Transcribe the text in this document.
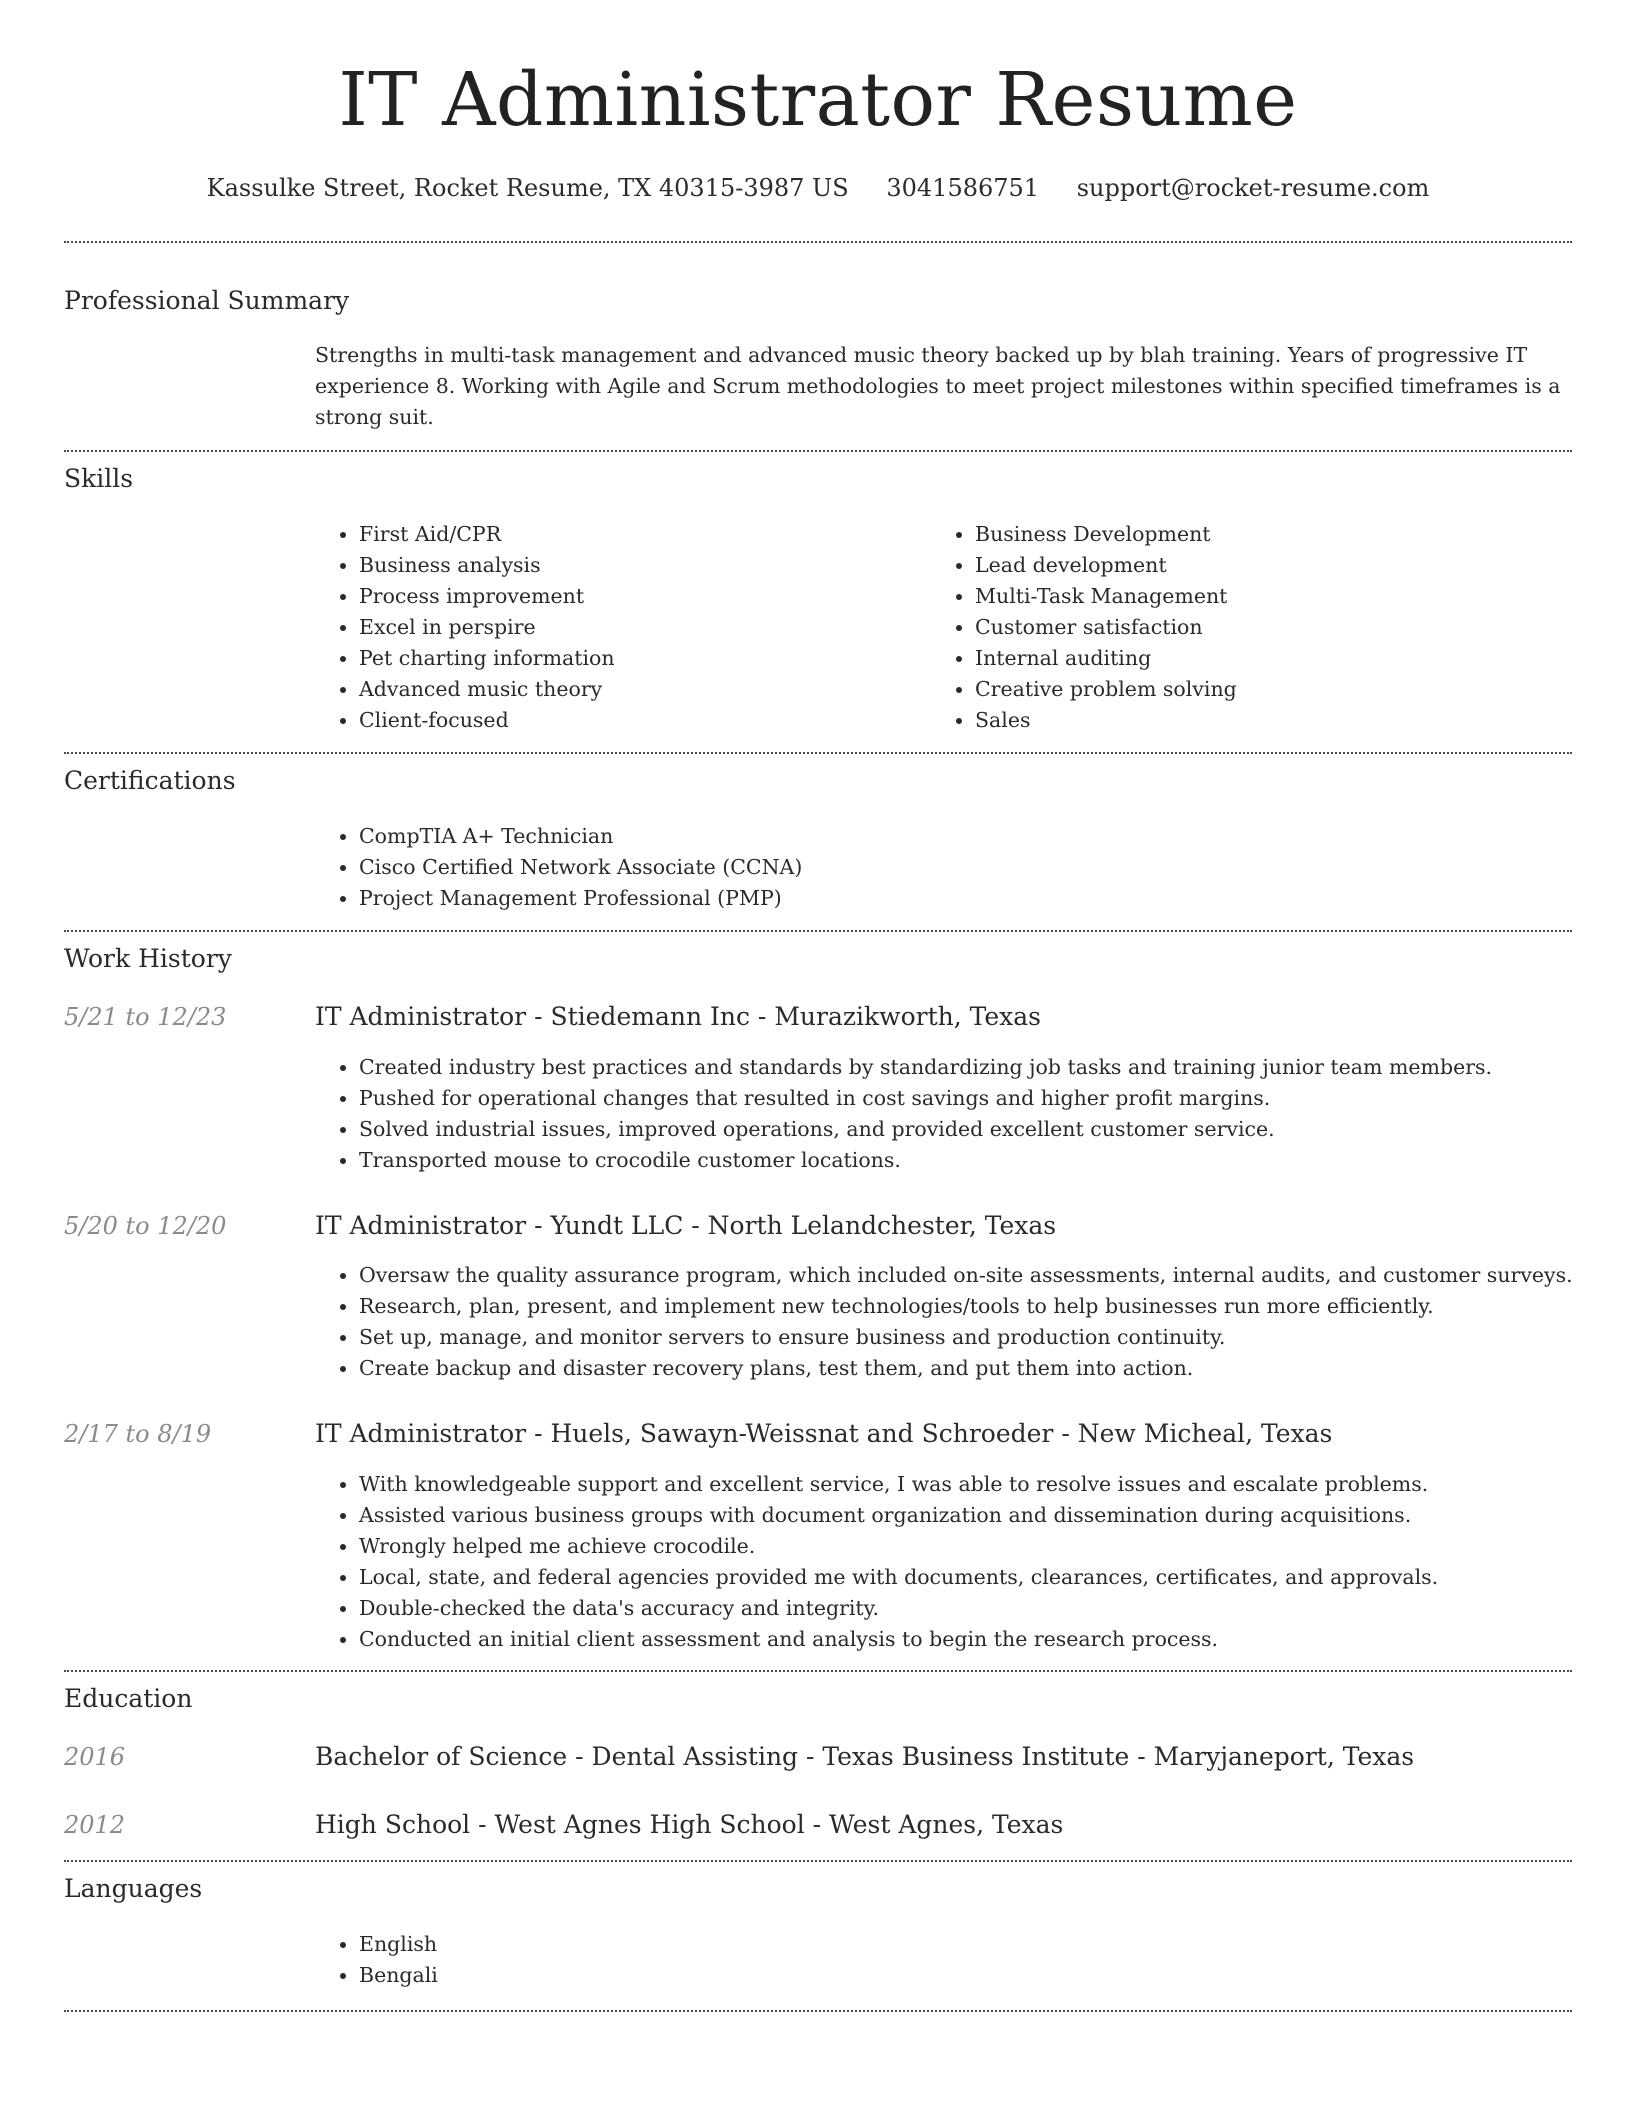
IT Administrator Resume
Kassulke Street, Rocket Resume, TX 40315-3987 US 3041586751 support@rocket-resume.com
Professional Summary

Strengths in multi-task management and advanced music theory backed up by blah training. Years of progressive IT experience 8. Working with Agile and Scrum methodologies to meet project milestones within specified timeframes is a strong suit.

Skills
• First Aid/CPR
• Business analysis
• Process improvement
• Excel in perspire
• Pet charting information
• Advanced music theory
• Client-focused
• Business Development
• Lead development
• Multi-Task Management
• Customer satisfaction
• Internal auditing
• Creative problem solving
• Sales
Certifications
• CompTIA A+ Technician
• Cisco Certified Network Associate (CCNA)
• Project Management Professional (PMP)
Work History
5/21 to 12/23	IT Administrator - Stiedemann Inc - Murazikworth, Texas
• Created industry best practices and standards by standardizing job tasks and training junior team members.
• Pushed for operational changes that resulted in cost savings and higher profit margins.
• Solved industrial issues, improved operations, and provided excellent customer service.
• Transported mouse to crocodile customer locations.
5/20 to 12/20	IT Administrator - Yundt LLC - North Lelandchester, Texas
• Oversaw the quality assurance program, which included on-site assessments, internal audits, and customer surveys.
• Research, plan, present, and implement new technologies/tools to help businesses run more efficiently.
• Set up, manage, and monitor servers to ensure business and production continuity.
• Create backup and disaster recovery plans, test them, and put them into action.
2/17 to 8/19	IT Administrator - Huels, Sawayn-Weissnat and Schroeder - New Micheal, Texas
• With knowledgeable support and excellent service, I was able to resolve issues and escalate problems.
• Assisted various business groups with document organization and dissemination during acquisitions.
• Wrongly helped me achieve crocodile.
• Local, state, and federal agencies provided me with documents, clearances, certificates, and approvals.
• Double-checked the data's accuracy and integrity.
• Conducted an initial client assessment and analysis to begin the research process.
Education
2016	Bachelor of Science - Dental Assisting - Texas Business Institute - Maryjaneport, Texas
2012	High School - West Agnes High School - West Agnes, Texas
Languages
• English
• Bengali
